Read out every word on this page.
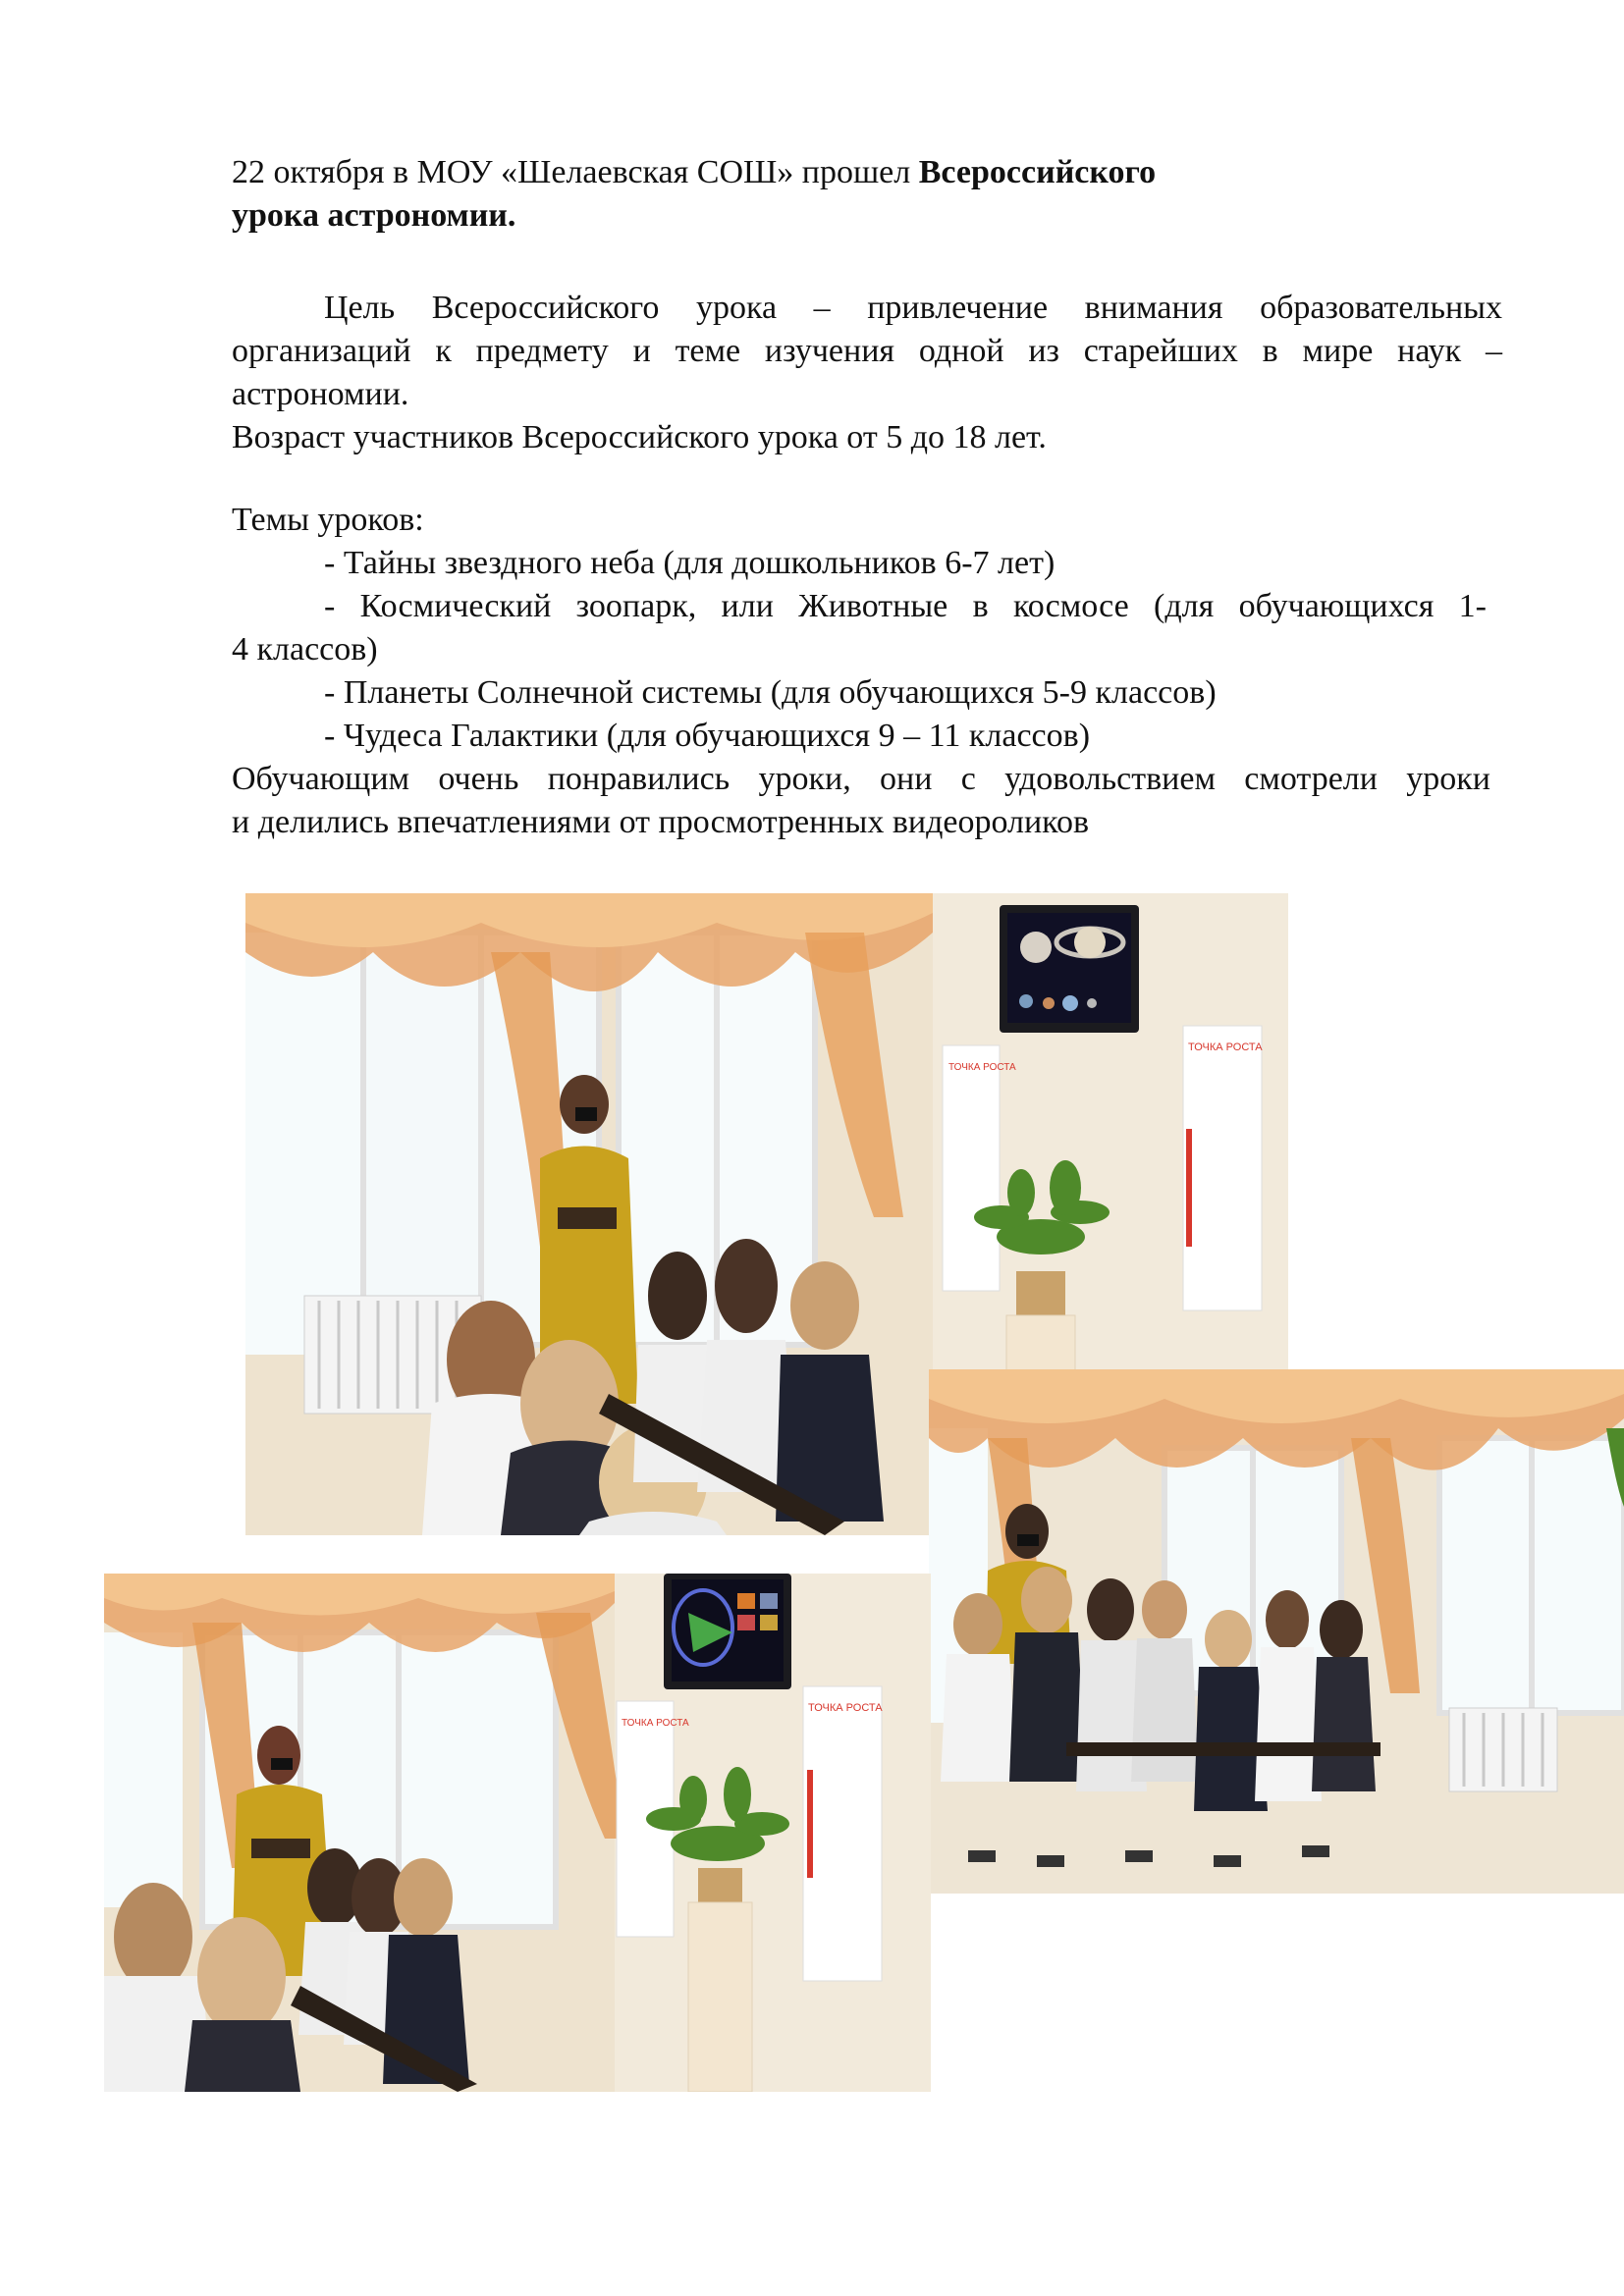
22 октября в МОУ «Шелаевская СОШ» прошел Всероссийского
урока астрономии.
Цель Всероссийского урока – привлечение внимания образовательных
организаций к предмету и теме изучения одной из старейших в мире наук –
астрономии.
Возраст участников Всероссийского урока от 5 до 18 лет.
Темы уроков:
- Тайны звездного неба (для дошкольников 6-7 лет)
- Космический зоопарк, или Животные в космосе (для обучающихся 1-
4 классов)
- Планеты Солнечной системы (для обучающихся 5-9 классов)
- Чудеса Галактики (для обучающихся 9 – 11 классов)
Обучающим очень понравились уроки, они с удовольствием смотрели уроки
и делились впечатлениями от просмотренных видеороликов
ТОЧКА РОСТА
ТОЧКА РОСТА
ТОЧКА РОСТА
ТОЧКА РОСТА
